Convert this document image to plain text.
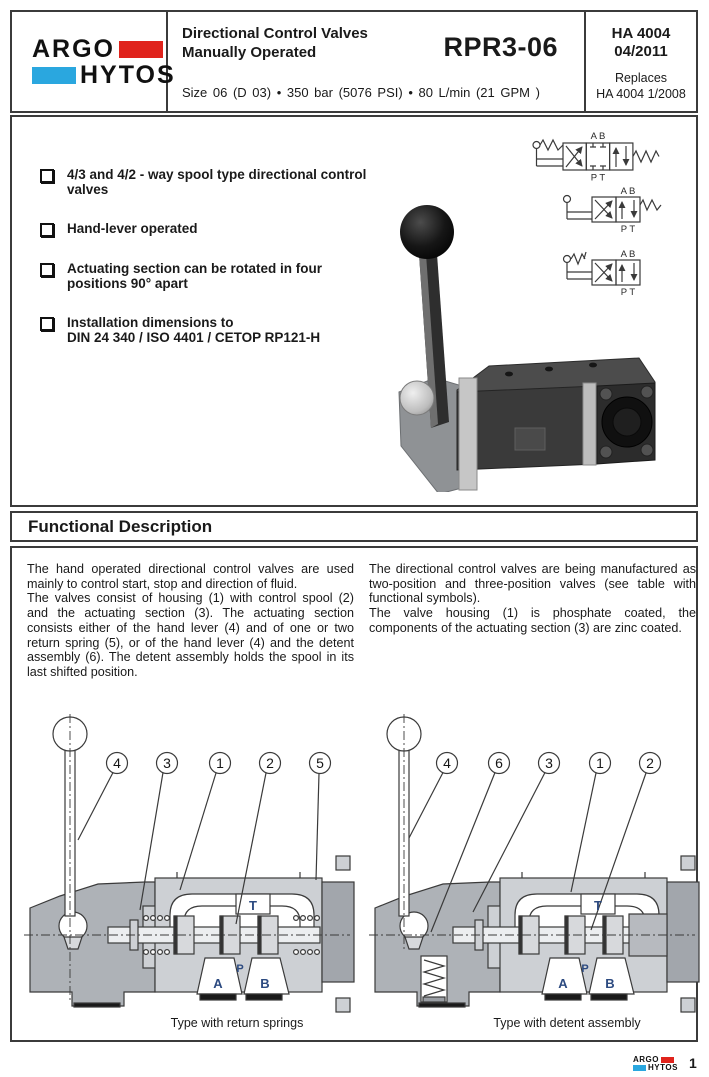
ARGO
HYTOS
Directional Control Valves
Manually Operated	RPR3-06
Size 06 (D 03) • 350 bar (5076 PSI) • 80 L/min (21 GPM )
HA 4004
04/2011
Replaces
HA 4004 1/2008
4/3 and 4/2 - way spool type directional control
valves
Hand-lever operated
Actuating section can be rotated in four
positions 90° apart
Installation dimensions to
DIN 24 340 / ISO 4401 / CETOP RP121-H
A B
P T
A B
P T
A B
P T
Functional Description

The hand operated directional control valves are used mainly to control start, stop and direction of fluid.

The valves consist of housing (1) with control spool (2) and the actuating section (3). The actuating section consists either of the hand lever (4) and of one or two return spring (5), or of the hand lever (4) and the detent assembly (6). The detent assembly holds the spool in its last shifted position.

The directional control valves are being manufactured as two-position and three-position valves (see table with functional symbols).

The valve housing (1) is phosphate coated, the components of the actuating section (3) are zinc coated.

4	3	1	2	5
T
P
A	B
4	6	3	1	2
T
P
A	B
Type with return springs	Type with detent assembly
ARGO
HYTOS 1
